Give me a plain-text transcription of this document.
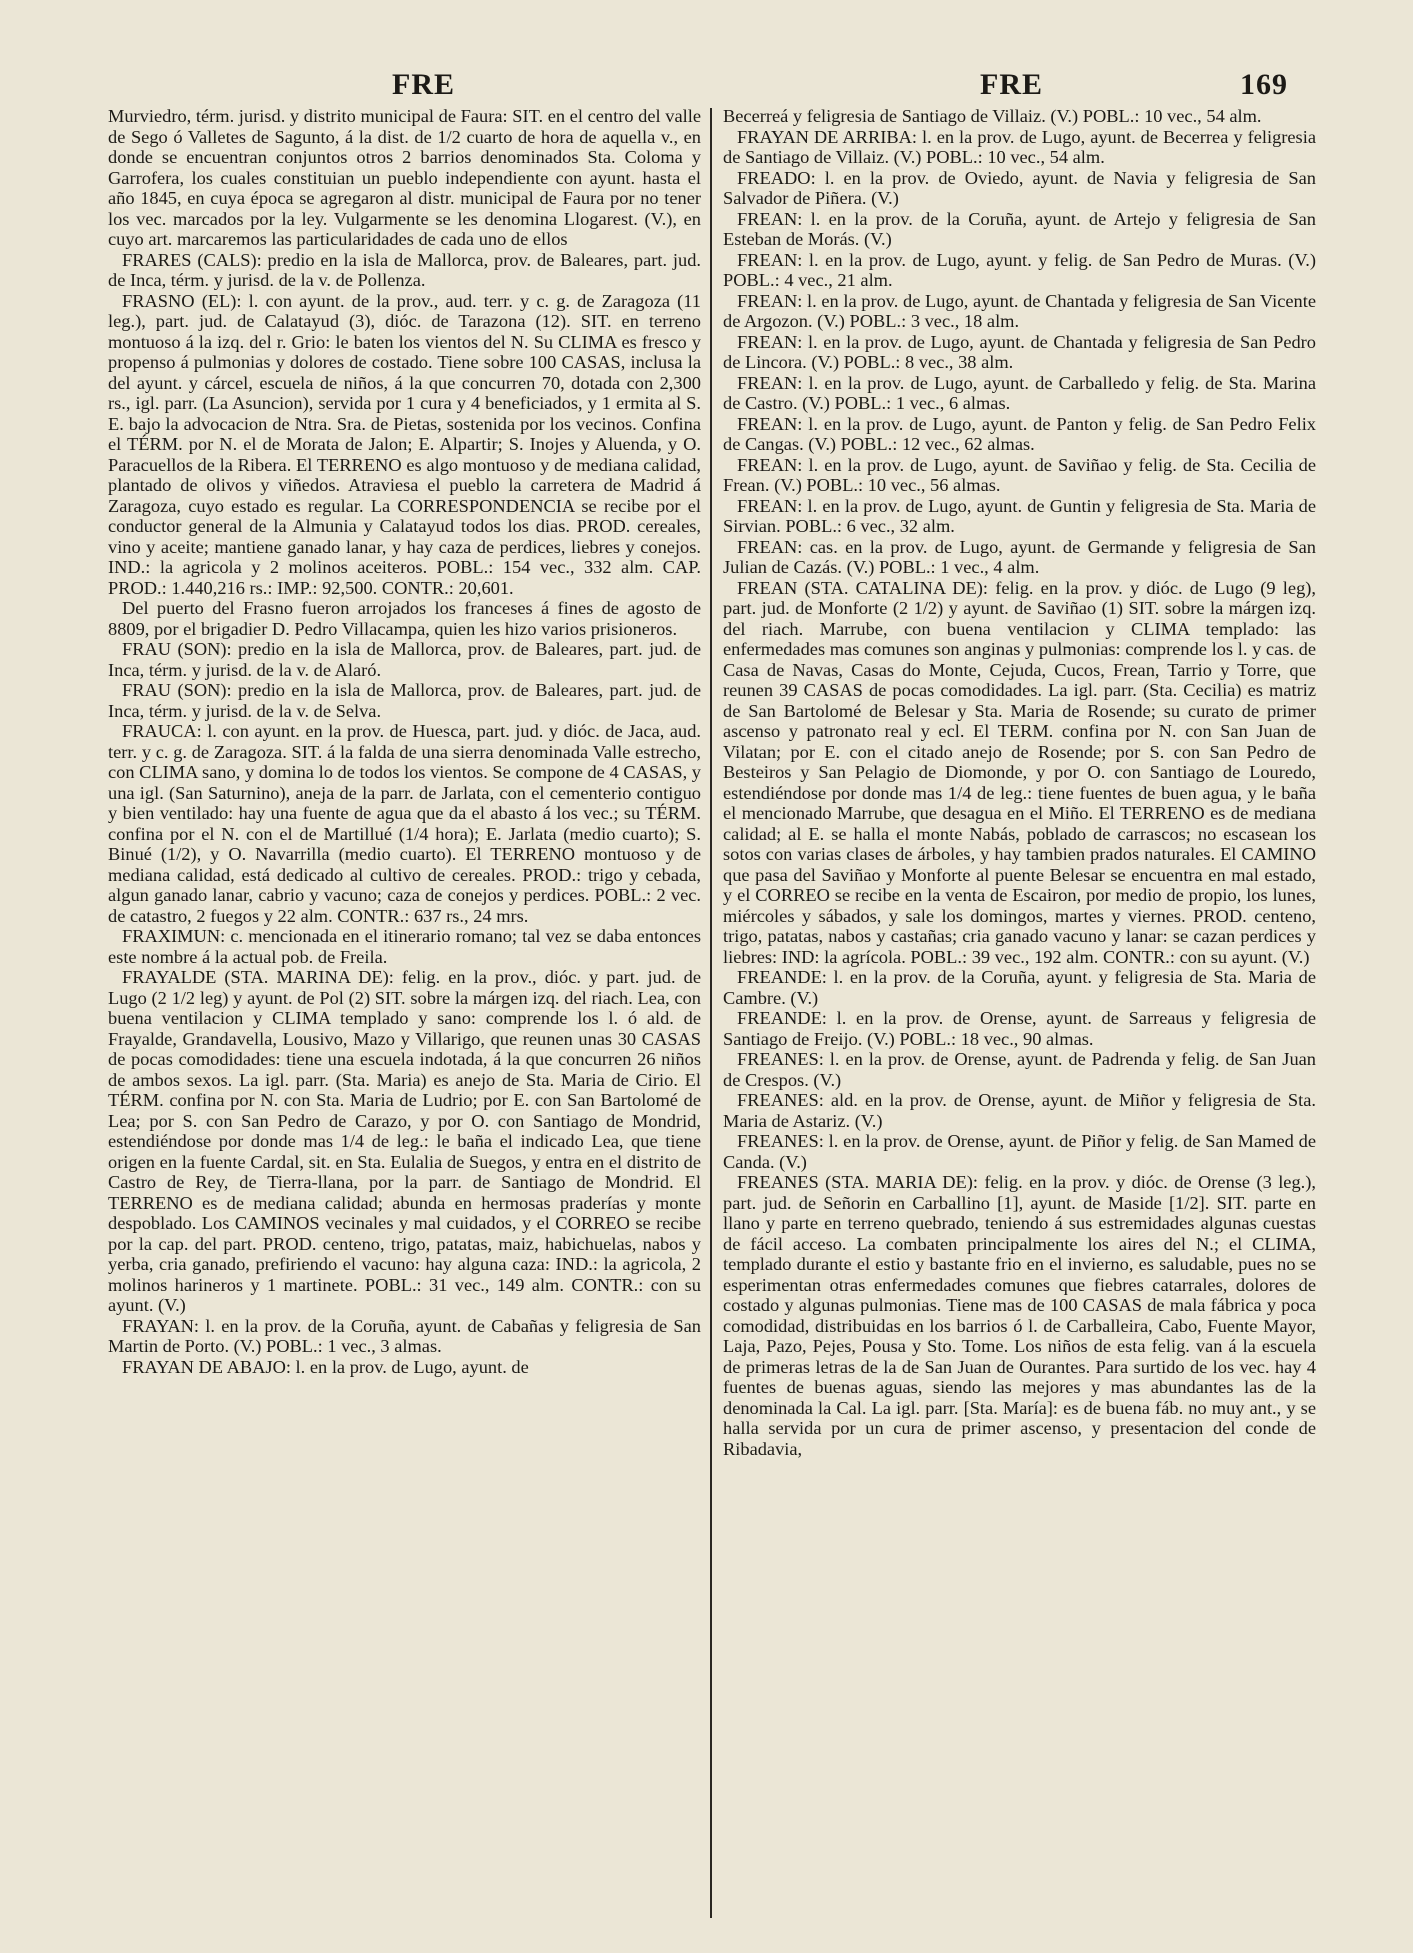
FRE	FRE	169

Murviedro, térm. jurisd. y distrito municipal de Faura: SIT. en el centro del valle de Sego ó Valletes de Sagunto, á la dist. de 1/2 cuarto de hora de aquella v., en donde se encuentran conjuntos otros 2 barrios denominados Sta. Coloma y Garrofera, los cuales constituian un pueblo independiente con ayunt. hasta el año 1845, en cuya época se agregaron al distr. municipal de Faura por no tener los vec. marcados por la ley. Vulgarmente se les denomina Llogarest. (V.), en cuyo art. marcaremos las particularidades de cada uno de ellos

FRARES (CALS): predio en la isla de Mallorca, prov. de Baleares, part. jud. de Inca, térm. y jurisd. de la v. de Pollenza.

FRASNO (EL): l. con ayunt. de la prov., aud. terr. y c. g. de Zaragoza (11 leg.), part. jud. de Calatayud (3), dióc. de Tarazona (12). SIT. en terreno montuoso á la izq. del r. Grio: le baten los vientos del N. Su CLIMA es fresco y propenso á pulmonias y dolores de costado. Tiene sobre 100 CASAS, inclusa la del ayunt. y cárcel, escuela de niños, á la que concurren 70, dotada con 2,300 rs., igl. parr. (La Asuncion), servida por 1 cura y 4 beneficiados, y 1 ermita al S. E. bajo la advocacion de Ntra. Sra. de Pietas, sostenida por los vecinos. Confina el TÉRM. por N. el de Morata de Jalon; E. Alpartir; S. Inojes y Aluenda, y O. Paracuellos de la Ribera. El TERRENO es algo montuoso y de mediana calidad, plantado de olivos y viñedos. Atraviesa el pueblo la carretera de Madrid á Zaragoza, cuyo estado es regular. La CORRESPONDENCIA se recibe por el conductor general de la Almunia y Calatayud todos los dias. PROD. cereales, vino y aceite; mantiene ganado lanar, y hay caza de perdices, liebres y conejos. IND.: la agricola y 2 molinos aceiteros. POBL.: 154 vec., 332 alm. CAP. PROD.: 1.440,216 rs.: IMP.: 92,500. CONTR.: 20,601.

Del puerto del Frasno fueron arrojados los franceses á fines de agosto de 8809, por el brigadier D. Pedro Villacampa, quien les hizo varios prisioneros.

FRAU (SON): predio en la isla de Mallorca, prov. de Baleares, part. jud. de Inca, térm. y jurisd. de la v. de Alaró.

FRAU (SON): predio en la isla de Mallorca, prov. de Baleares, part. jud. de Inca, térm. y jurisd. de la v. de Selva.

FRAUCA: l. con ayunt. en la prov. de Huesca, part. jud. y dióc. de Jaca, aud. terr. y c. g. de Zaragoza. SIT. á la falda de una sierra denominada Valle estrecho, con CLIMA sano, y domina lo de todos los vientos. Se compone de 4 CASAS, y una igl. (San Saturnino), aneja de la parr. de Jarlata, con el cementerio contiguo y bien ventilado: hay una fuente de agua que da el abasto á los vec.; su TÉRM. confina por el N. con el de Martillué (1/4 hora); E. Jarlata (medio cuarto); S. Binué (1/2), y O. Navarrilla (medio cuarto). El TERRENO montuoso y de mediana calidad, está dedicado al cultivo de cereales. PROD.: trigo y cebada, algun ganado lanar, cabrio y vacuno; caza de conejos y perdices. POBL.: 2 vec. de catastro, 2 fuegos y 22 alm. CONTR.: 637 rs., 24 mrs.

FRAXIMUN: c. mencionada en el itinerario romano; tal vez se daba entonces este nombre á la actual pob. de Freila.

FRAYALDE (STA. MARINA DE): felig. en la prov., dióc. y part. jud. de Lugo (2 1/2 leg) y ayunt. de Pol (2) SIT. sobre la márgen izq. del riach. Lea, con buena ventilacion y CLIMA templado y sano: comprende los l. ó ald. de Frayalde, Grandavella, Lousivo, Mazo y Villarigo, que reunen unas 30 CASAS de pocas comodidades: tiene una escuela indotada, á la que concurren 26 niños de ambos sexos. La igl. parr. (Sta. Maria) es anejo de Sta. Maria de Cirio. El TÉRM. confina por N. con Sta. Maria de Ludrio; por E. con San Bartolomé de Lea; por S. con San Pedro de Carazo, y por O. con Santiago de Mondrid, estendiéndose por donde mas 1/4 de leg.: le baña el indicado Lea, que tiene origen en la fuente Cardal, sit. en Sta. Eulalia de Suegos, y entra en el distrito de Castro de Rey, de Tierra-llana, por la parr. de Santiago de Mondrid. El TERRENO es de mediana calidad; abunda en hermosas praderías y monte despoblado. Los CAMINOS vecinales y mal cuidados, y el CORREO se recibe por la cap. del part. PROD. centeno, trigo, patatas, maiz, habichuelas, nabos y yerba, cria ganado, prefiriendo el vacuno: hay alguna caza: IND.: la agricola, 2 molinos harineros y 1 martinete. POBL.: 31 vec., 149 alm. CONTR.: con su ayunt. (V.)

FRAYAN: l. en la prov. de la Coruña, ayunt. de Cabañas y feligresia de San Martin de Porto. (V.) POBL.: 1 vec., 3 almas.

FRAYAN DE ABAJO: l. en la prov. de Lugo, ayunt. de

Becerreá y feligresia de Santiago de Villaiz. (V.) POBL.: 10 vec., 54 alm.

FRAYAN DE ARRIBA: l. en la prov. de Lugo, ayunt. de Becerrea y feligresia de Santiago de Villaiz. (V.) POBL.: 10 vec., 54 alm.

FREADO: l. en la prov. de Oviedo, ayunt. de Navia y feligresia de San Salvador de Piñera. (V.)

FREAN: l. en la prov. de la Coruña, ayunt. de Artejo y feligresia de San Esteban de Morás. (V.)

FREAN: l. en la prov. de Lugo, ayunt. y felig. de San Pedro de Muras. (V.) POBL.: 4 vec., 21 alm.

FREAN: l. en la prov. de Lugo, ayunt. de Chantada y feligresia de San Vicente de Argozon. (V.) POBL.: 3 vec., 18 alm.

FREAN: l. en la prov. de Lugo, ayunt. de Chantada y feligresia de San Pedro de Lincora. (V.) POBL.: 8 vec., 38 alm.

FREAN: l. en la prov. de Lugo, ayunt. de Carballedo y felig. de Sta. Marina de Castro. (V.) POBL.: 1 vec., 6 almas.

FREAN: l. en la prov. de Lugo, ayunt. de Panton y felig. de San Pedro Felix de Cangas. (V.) POBL.: 12 vec., 62 almas.

FREAN: l. en la prov. de Lugo, ayunt. de Saviñao y felig. de Sta. Cecilia de Frean. (V.) POBL.: 10 vec., 56 almas.

FREAN: l. en la prov. de Lugo, ayunt. de Guntin y feligresia de Sta. Maria de Sirvian. POBL.: 6 vec., 32 alm.

FREAN: cas. en la prov. de Lugo, ayunt. de Germande y feligresia de San Julian de Cazás. (V.) POBL.: 1 vec., 4 alm.

FREAN (STA. CATALINA DE): felig. en la prov. y dióc. de Lugo (9 leg), part. jud. de Monforte (2 1/2) y ayunt. de Saviñao (1) SIT. sobre la márgen izq. del riach. Marrube, con buena ventilacion y CLIMA templado: las enfermedades mas comunes son anginas y pulmonias: comprende los l. y cas. de Casa de Navas, Casas do Monte, Cejuda, Cucos, Frean, Tarrio y Torre, que reunen 39 CASAS de pocas comodidades. La igl. parr. (Sta. Cecilia) es matriz de San Bartolomé de Belesar y Sta. Maria de Rosende; su curato de primer ascenso y patronato real y ecl. El TERM. confina por N. con San Juan de Vilatan; por E. con el citado anejo de Rosende; por S. con San Pedro de Besteiros y San Pelagio de Diomonde, y por O. con Santiago de Louredo, estendiéndose por donde mas 1/4 de leg.: tiene fuentes de buen agua, y le baña el mencionado Marrube, que desagua en el Miño. El TERRENO es de mediana calidad; al E. se halla el monte Nabás, poblado de carrascos; no escasean los sotos con varias clases de árboles, y hay tambien prados naturales. El CAMINO que pasa del Saviñao y Monforte al puente Belesar se encuentra en mal estado, y el CORREO se recibe en la venta de Escairon, por medio de propio, los lunes, miércoles y sábados, y sale los domingos, martes y viernes. PROD. centeno, trigo, patatas, nabos y castañas; cria ganado vacuno y lanar: se cazan perdices y liebres: IND: la agrícola. POBL.: 39 vec., 192 alm. CONTR.: con su ayunt. (V.)

FREANDE: l. en la prov. de la Coruña, ayunt. y feligresia de Sta. Maria de Cambre. (V.)

FREANDE: l. en la prov. de Orense, ayunt. de Sarreaus y feligresia de Santiago de Freijo. (V.) POBL.: 18 vec., 90 almas.

FREANES: l. en la prov. de Orense, ayunt. de Padrenda y felig. de San Juan de Crespos. (V.)

FREANES: ald. en la prov. de Orense, ayunt. de Miñor y feligresia de Sta. Maria de Astariz. (V.)

FREANES: l. en la prov. de Orense, ayunt. de Piñor y felig. de San Mamed de Canda. (V.)

FREANES (STA. MARIA DE): felig. en la prov. y dióc. de Orense (3 leg.), part. jud. de Señorin en Carballino [1], ayunt. de Maside [1/2]. SIT. parte en llano y parte en terreno quebrado, teniendo á sus estremidades algunas cuestas de fácil acceso. La combaten principalmente los aires del N.; el CLIMA, templado durante el estio y bastante frio en el invierno, es saludable, pues no se esperimentan otras enfermedades comunes que fiebres catarrales, dolores de costado y algunas pulmonias. Tiene mas de 100 CASAS de mala fábrica y poca comodidad, distribuidas en los barrios ó l. de Carballeira, Cabo, Fuente Mayor, Laja, Pazo, Pejes, Pousa y Sto. Tome. Los niños de esta felig. van á la escuela de primeras letras de la de San Juan de Ourantes. Para surtido de los vec. hay 4 fuentes de buenas aguas, siendo las mejores y mas abundantes las de la denominada la Cal. La igl. parr. [Sta. María]: es de buena fáb. no muy ant., y se halla servida por un cura de primer ascenso, y presentacion del conde de Ribadavia,
